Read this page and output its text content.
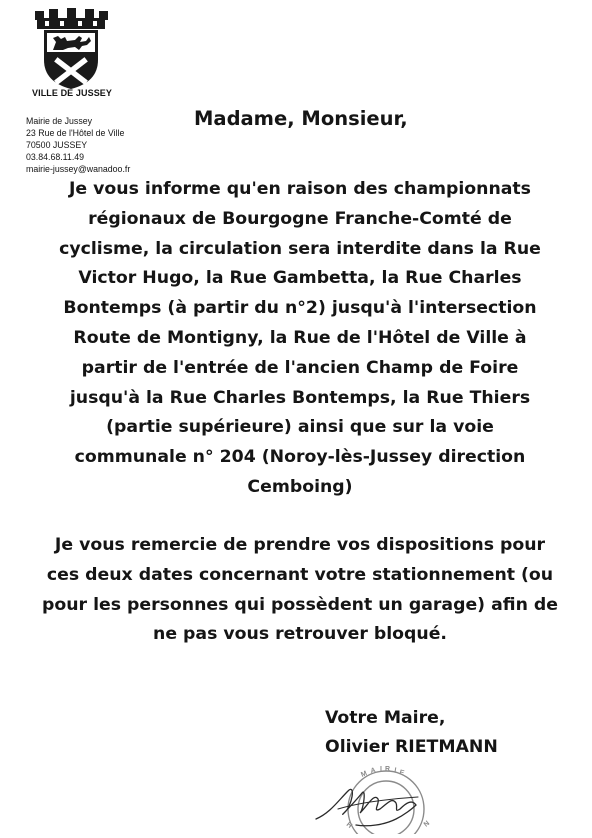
VILLE DE JUSSEY
Mairie de Jussey
23 Rue de l'Hôtel de Ville
70500 JUSSEY
03.84.68.11.49
mairie-jussey@wanadoo.fr
Madame, Monsieur,
Je vous informe qu'en raison des championnats
régionaux de Bourgogne Franche-Comté de
cyclisme, la circulation sera interdite dans la Rue
Victor Hugo, la Rue Gambetta, la Rue Charles
Bontemps (à partir du n°2) jusqu'à l'intersection
Route de Montigny, la Rue de l'Hôtel de Ville à
partir de l'entrée de l'ancien Champ de Foire
jusqu'à la Rue Charles Bontemps, la Rue Thiers
(partie supérieure) ainsi que sur la voie
communale n° 204 (Noroy-lès-Jussey direction
Cemboing)
Je vous remercie de prendre vos dispositions pour
ces deux dates concernant votre stationnement (ou
pour les personnes qui possèdent un garage) afin de
ne pas vous retrouver bloqué.
Votre Maire,
Olivier RIETMANN
M A I R I E
N
H
